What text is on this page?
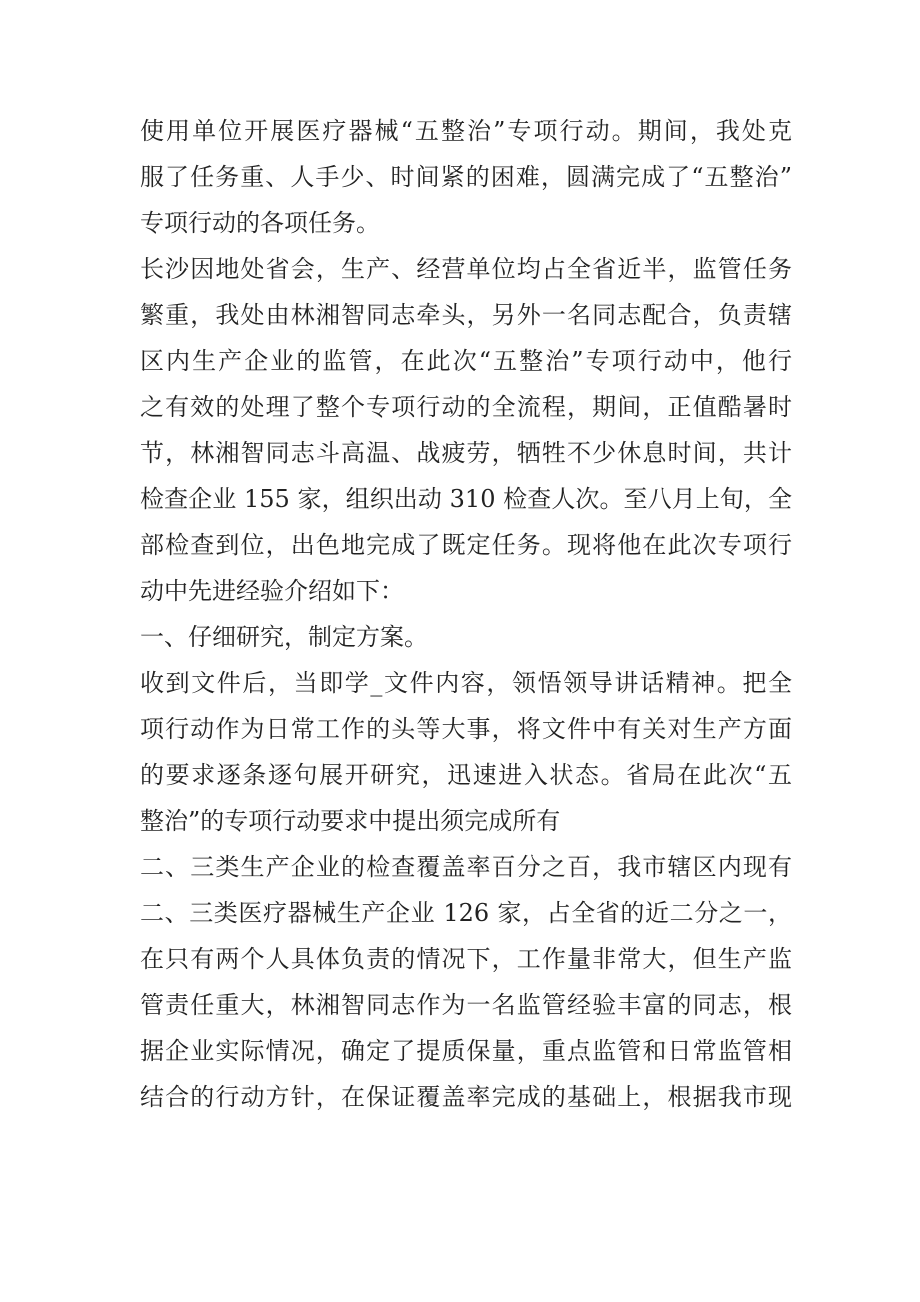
使用单位开展医疗器械“五整治”专项行动。期间，我处克
服了任务重、人手少、时间紧的困难，圆满完成了“五整治”
专项行动的各项任务。
长沙因地处省会，生产、经营单位均占全省近半，监管任务
繁重，我处由林湘智同志牵头，另外一名同志配合，负责辖
区内生产企业的监管，在此次“五整治”专项行动中，他行
之有效的处理了整个专项行动的全流程，期间，正值酷暑时
节，林湘智同志斗高温、战疲劳，牺牲不少休息时间，共计
检查企业 155 家，组织出动 310 检查人次。至八月上旬，全
部检查到位，出色地完成了既定任务。现将他在此次专项行
动中先进经验介绍如下：
一、仔细研究，制定方案。
收到文件后，当即学_文件内容，领悟领导讲话精神。把全
项行动作为日常工作的头等大事，将文件中有关对生产方面
的要求逐条逐句展开研究，迅速进入状态。省局在此次“五
整治”的专项行动要求中提出须完成所有
二、三类生产企业的检查覆盖率百分之百，我市辖区内现有
二、三类医疗器械生产企业 126 家，占全省的近二分之一，
在只有两个人具体负责的情况下，工作量非常大，但生产监
管责任重大，林湘智同志作为一名监管经验丰富的同志，根
据企业实际情况，确定了提质保量，重点监管和日常监管相
结合的行动方针，在保证覆盖率完成的基础上，根据我市现
